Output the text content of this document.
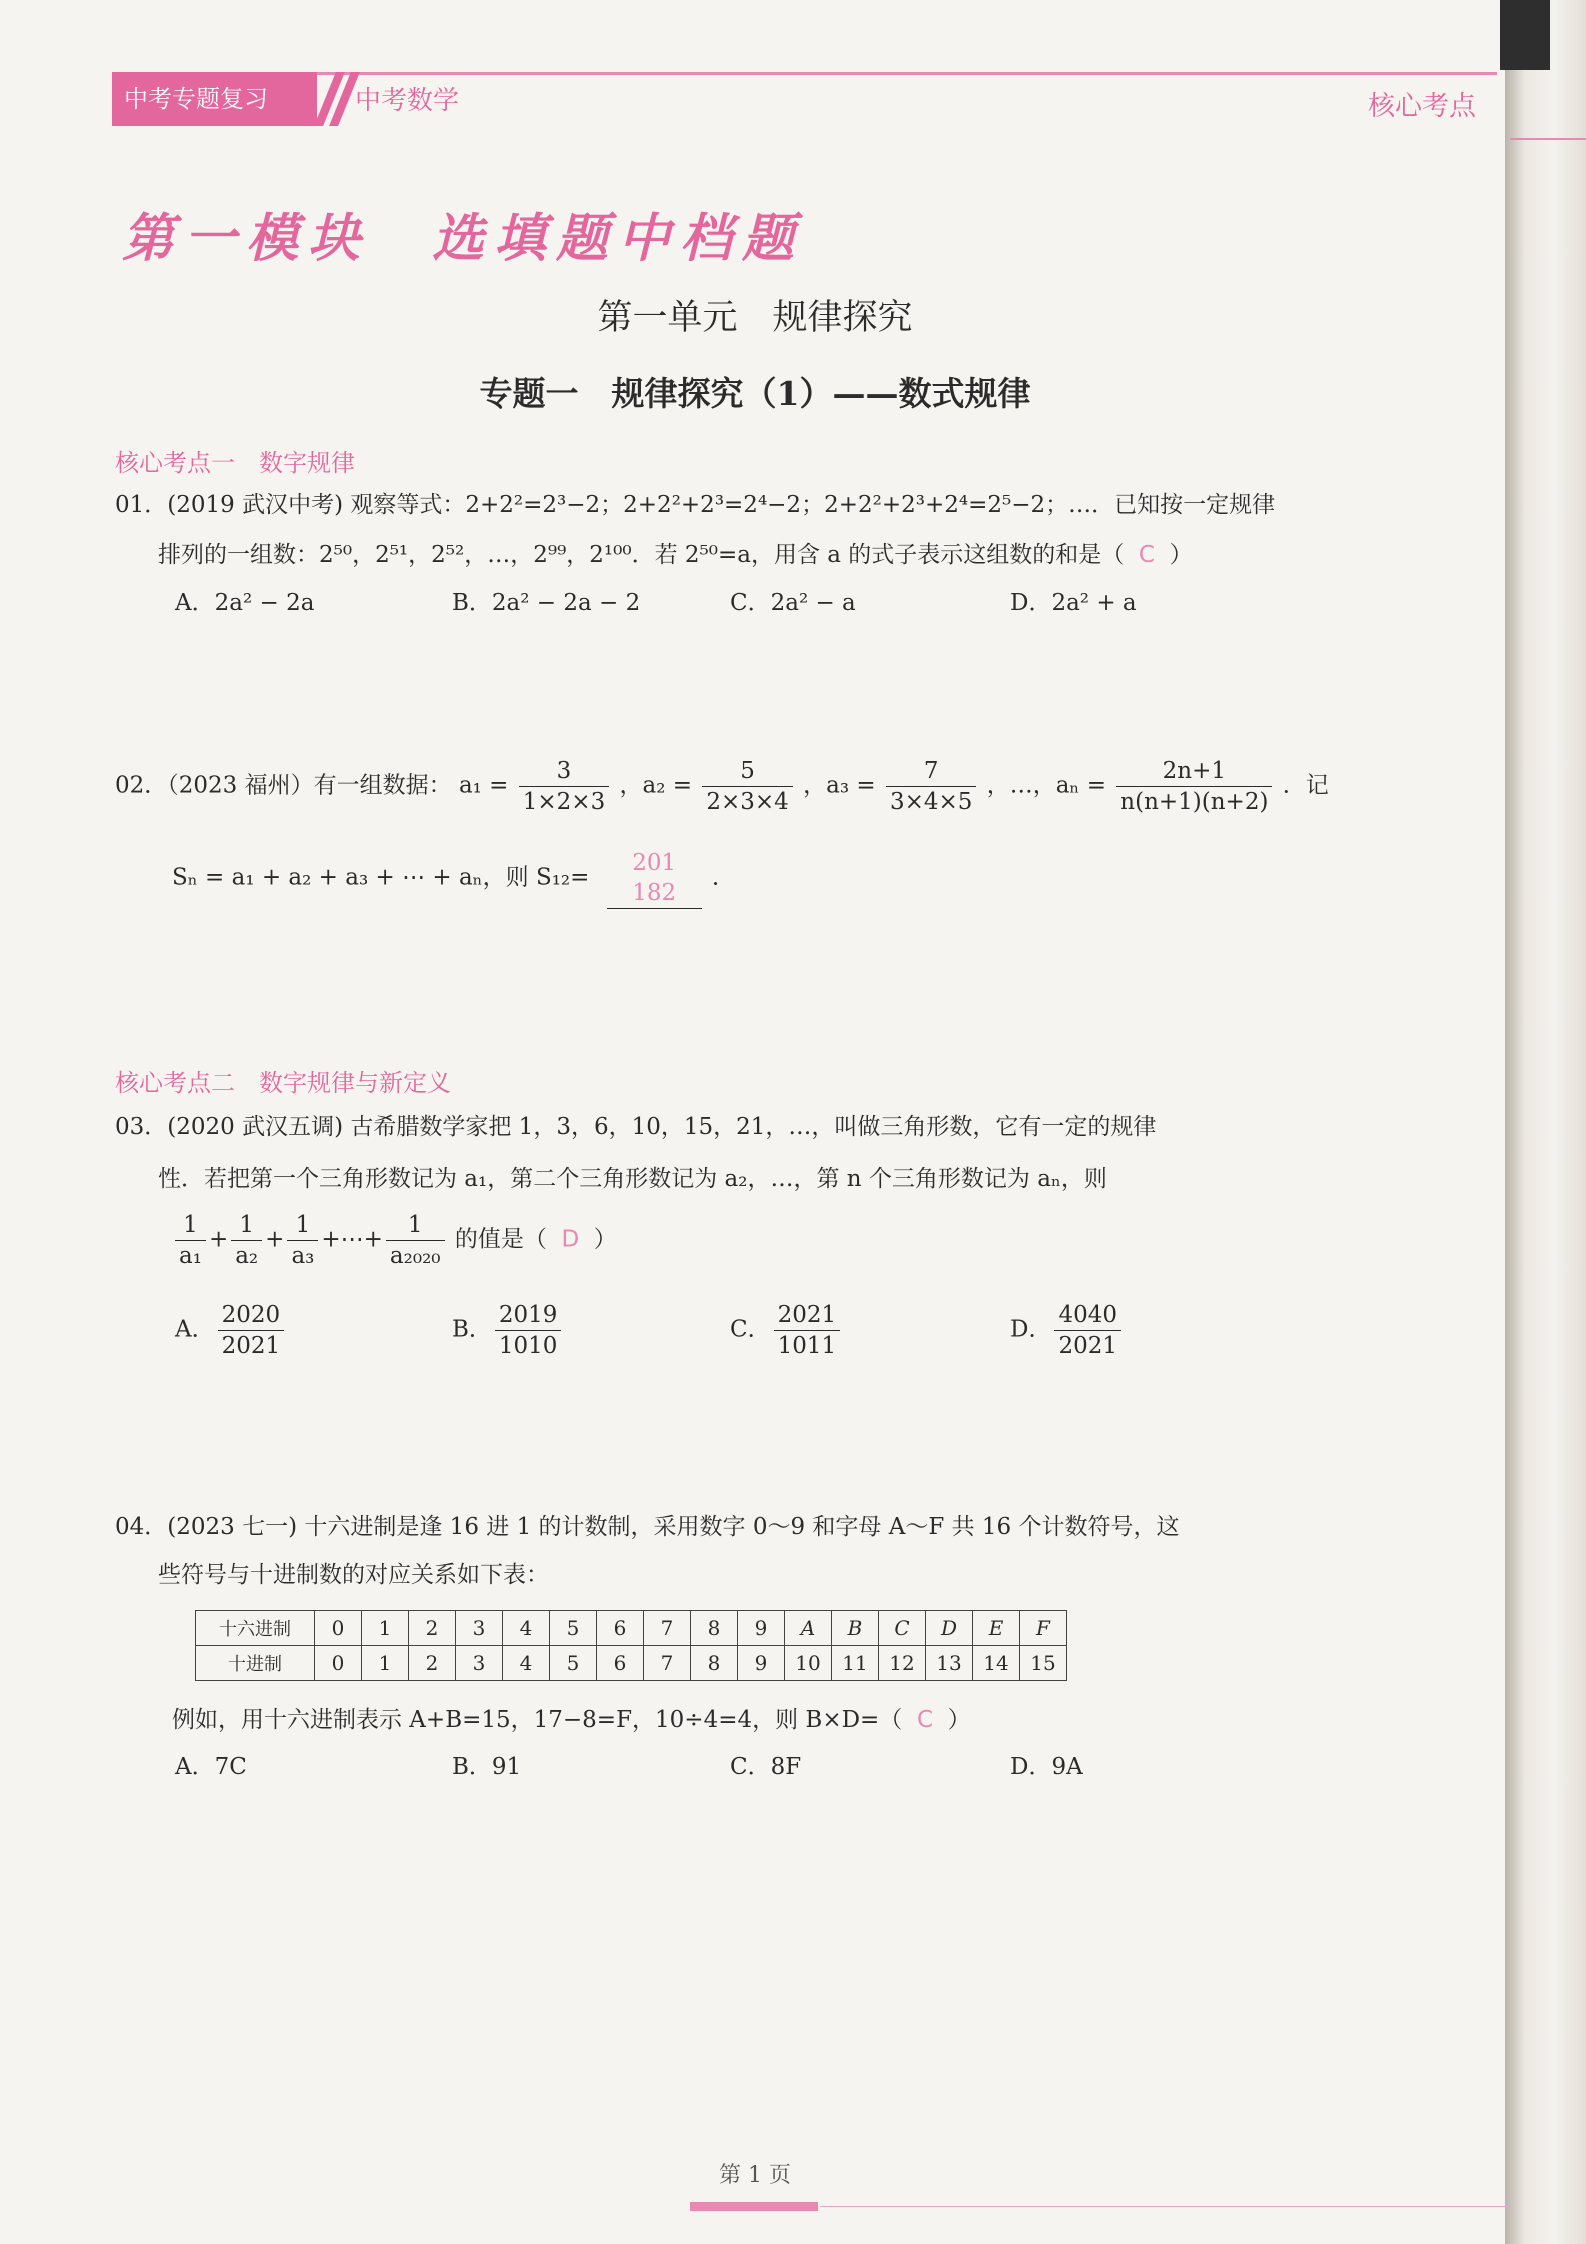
中考专题复习	中考数学	核心考点
第一模块　选填题中档题
第一单元　规律探究
专题一　规律探究（1）——数式规律
核心考点一　数字规律
01．(2019 武汉中考) 观察等式：2+2²=2³−2；2+2²+2³=2⁴−2；2+2²+2³+2⁴=2⁵−2；…．已知按一定规律
排列的一组数：2⁵⁰，2⁵¹，2⁵²，…，2⁹⁹，2¹⁰⁰．若 2⁵⁰=a，用含 a 的式子表示这组数的和是（ C ）
A．2a² − 2a	B．2a² − 2a − 2	C．2a² − a	D．2a² + a
02．（2023 福州）有一组数据： $a_1 = \frac{3}{1\times 2\times 3}$ ，$a_2 = \frac{5}{2\times 3\times 4}$ ，$a_3 = \frac{7}{3\times 4\times 5}$ ，…，$a_n = \frac{2n+1}{n(n+1)(n+2)}$ ．记
Sₙ = a₁ + a₂ + a₃ + ⋯ + aₙ，则 S₁₂=
201
182
．
核心考点二　数字规律与新定义
03．(2020 武汉五调) 古希腊数学家把 1，3，6，10，15，21，…，叫做三角形数，它有一定的规律
性．若把第一个三角形数记为 a₁，第二个三角形数记为 a₂，…，第 n 个三角形数记为 aₙ，则
$\frac{1}{\text{a₁}} + \frac{1}{\text{a₂}} + \frac{1}{\text{a₃}}$ +⋯+ $\frac{1}{\text{a₂₀₂₀}}$ 的值是（ D ）
A． $\frac{2020}{2021}$	B． $\frac{2019}{1010}$	C． $\frac{2021}{1011}$	D． $\frac{4040}{2021}$
04．(2023 七一) 十六进制是逢 16 进 1 的计数制，采用数字 0～9 和字母 A～F 共 16 个计数符号，这
些符号与十进制数的对应关系如下表：
十六进制	0	1	2	3	4	5	6	7	8	9	A	B	C	D	E	F
十进制	0	1	2	3	4	5	6	7	8	9	10	11	12	13	14	15
例如，用十六进制表示 A+B=15，17−8=F，10÷4=4，则 B×D=（ C ）
A．7C	B．91	C．8F	D．9A
第 1 页
